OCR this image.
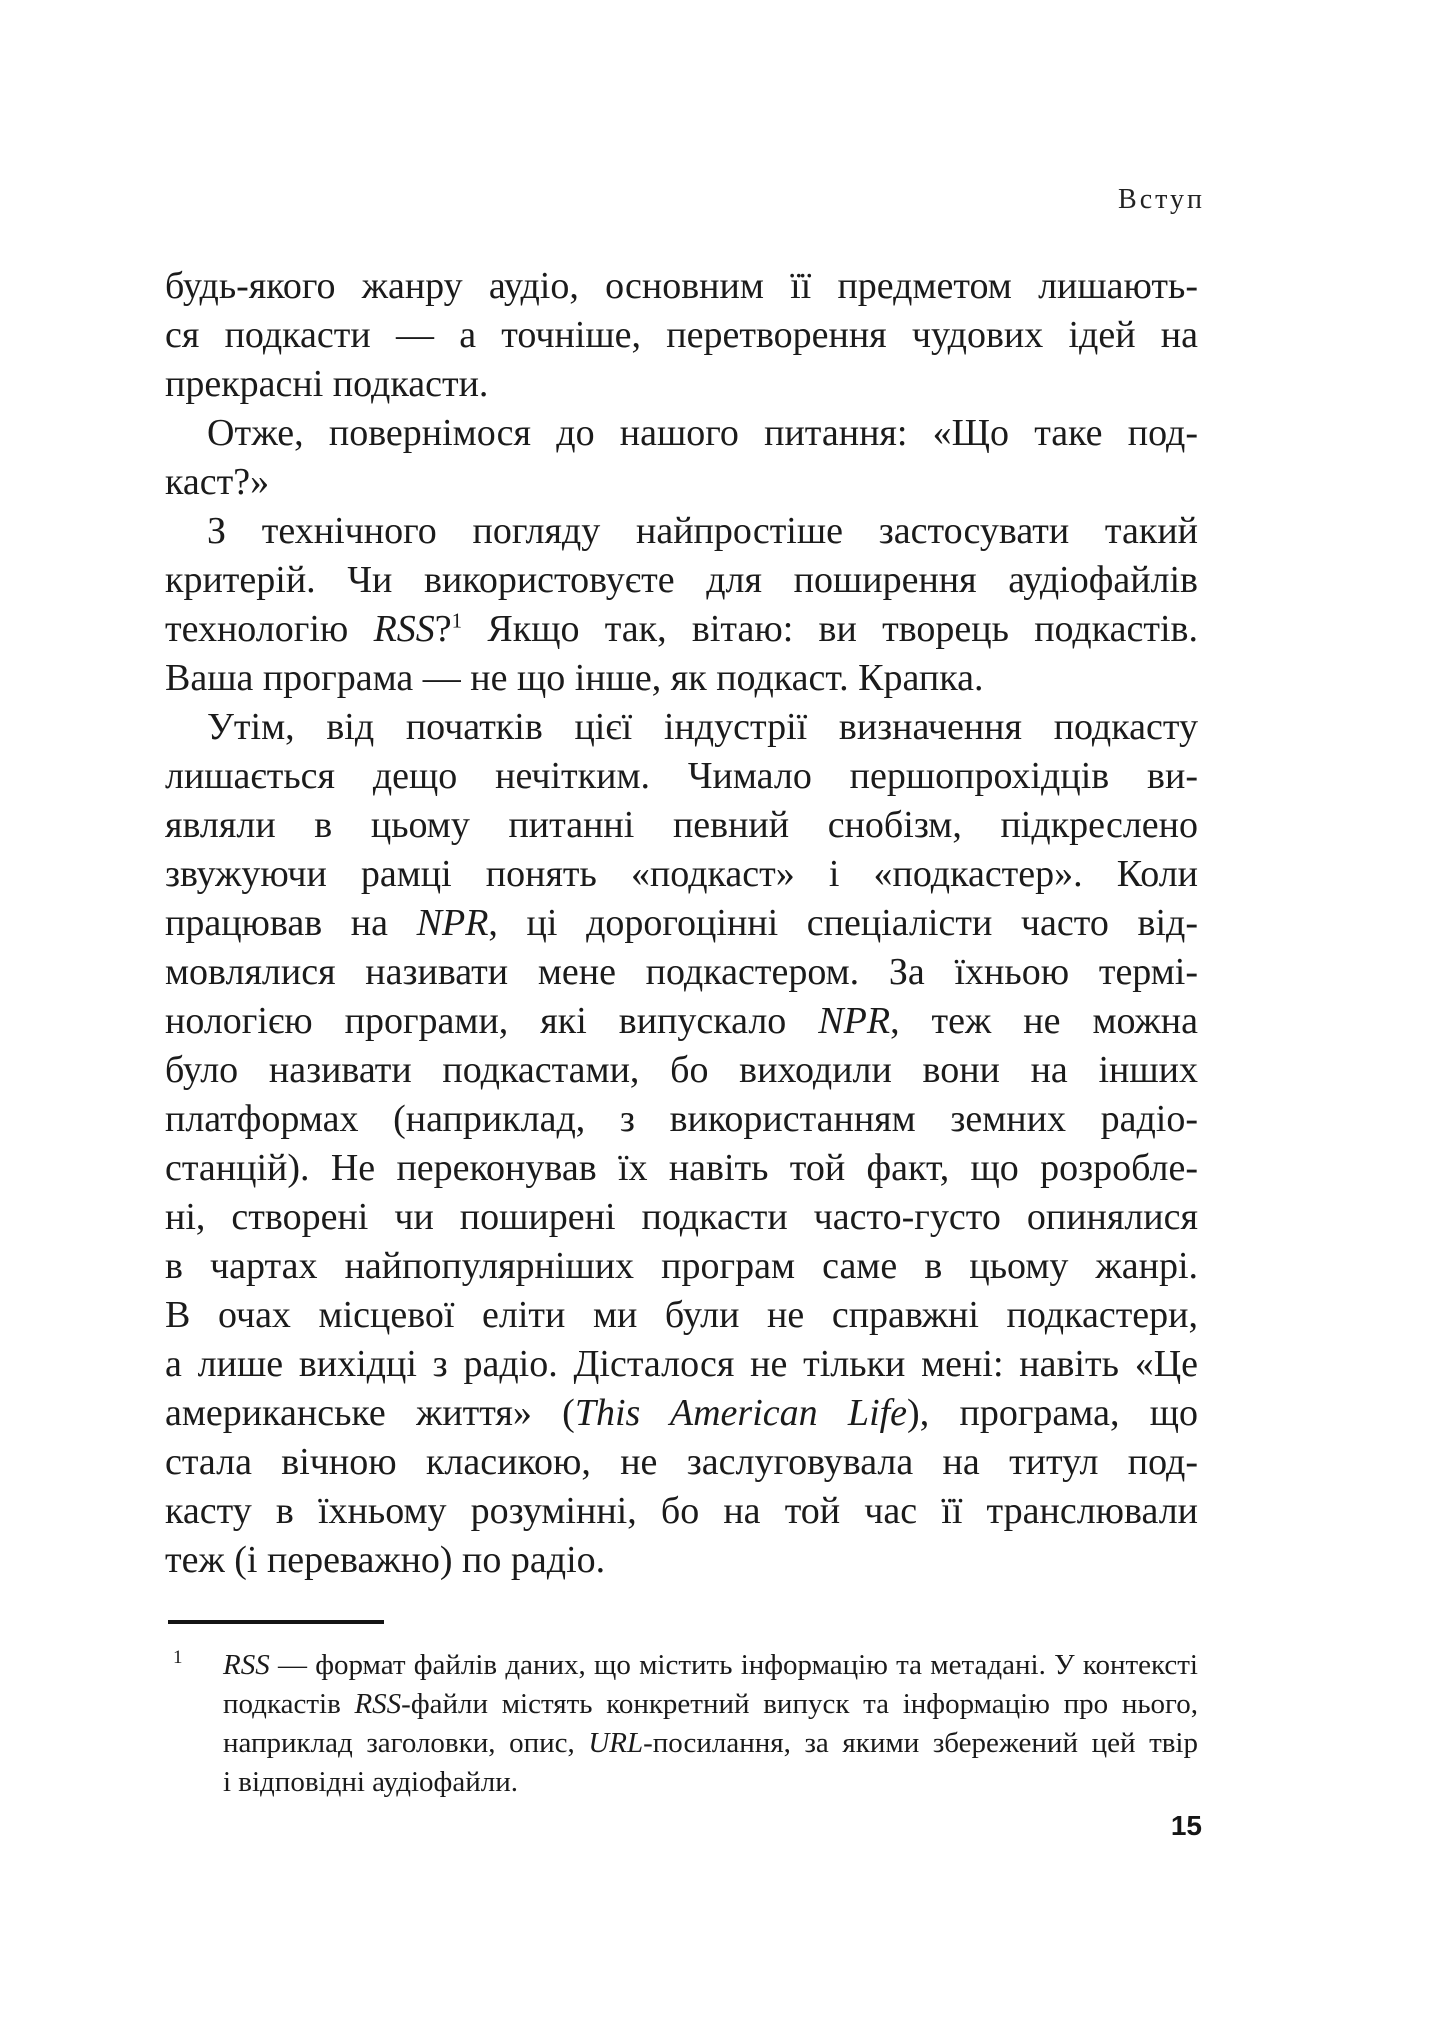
Вступ
будь-якого жанру аудіо, основним її предметом лишають-
ся подкасти — а точніше, перетворення чудових ідей на
прекрасні подкасти.
Отже, повернімося до нашого питання: «Що таке под-
каст?»
З технічного погляду найпростіше застосувати такий
критерій. Чи використовуєте для поширення аудіофайлів
технологію RSS?$^1$ Якщо так, вітаю: ви творець подкастів.
Ваша програма — не що інше, як подкаст. Крапка.
Утім, від початків цієї індустрії визначення подкасту
лишається дещо нечітким. Чимало першопрохідців ви-
являли в цьому питанні певний снобізм, підкреслено
звужуючи рамці понять «подкаст» і «подкастер». Коли
працював на NPR, ці дорогоцінні спеціалісти часто від-
мовлялися називати мене подкастером. За їхньою термі-
нологією програми, які випускало NPR, теж не можна
було називати подкастами, бо виходили вони на інших
платформах (наприклад, з використанням земних радіо-
станцій). Не переконував їх навіть той факт, що розробле-
ні, створені чи поширені подкасти часто-густо опинялися
в чартах найпопулярніших програм саме в цьому жанрі.
В очах місцевої еліти ми були не справжні подкастери,
а лише вихідці з радіо. Дісталося не тільки мені: навіть «Це
американське життя» (This American Life), програма, що
стала вічною класикою, не заслуговувала на титул под-
касту в їхньому розумінні, бо на той час її транслювали
теж (і переважно) по радіо.
1 RSS — формат файлів даних, що містить інформацію та метадані. У контексті
подкастів RSS-файли містять конкретний випуск та інформацію про нього,
наприклад заголовки, опис, URL-посилання, за якими збережений цей твір
і відповідні аудіофайли.
15
